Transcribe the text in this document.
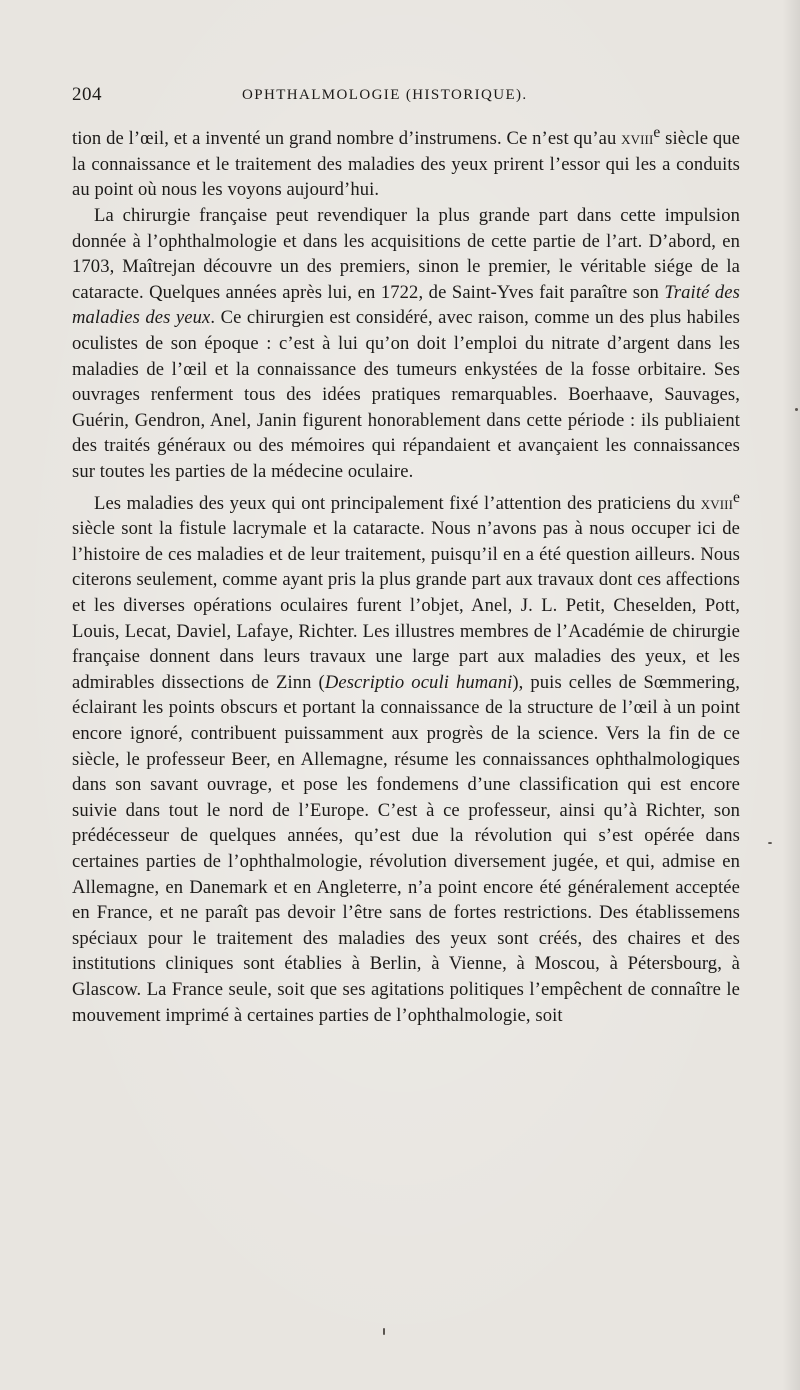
204	OPHTHALMOLOGIE (HISTORIQUE).

tion de l’œil, et a inventé un grand nombre d’instrumens. Ce n’est qu’au xviii$^e$ siècle que la connaissance et le traitement des maladies des yeux prirent l’essor qui les a conduits au point où nous les voyons aujourd’hui.

La chirurgie française peut revendiquer la plus grande part dans cette impulsion donnée à l’ophthalmologie et dans les acquisitions de cette partie de l’art. D’abord, en 1703, Maîtrejan découvre un des premiers, sinon le premier, le véritable siége de la cataracte. Quelques années après lui, en 1722, de Saint-Yves fait paraître son Traité des maladies des yeux. Ce chirurgien est considéré, avec raison, comme un des plus habiles oculistes de son époque : c’est à lui qu’on doit l’emploi du nitrate d’argent dans les maladies de l’œil et la connaissance des tumeurs enkystées de la fosse orbitaire. Ses ouvrages renferment tous des idées pratiques remarquables. Boerhaave, Sauvages, Guérin, Gendron, Anel, Janin figurent honorablement dans cette période : ils publiaient des traités généraux ou des mémoires qui répandaient et avançaient les connaissances sur toutes les parties de la médecine oculaire.

Les maladies des yeux qui ont principalement fixé l’attention des praticiens du xviii$^e$ siècle sont la fistule lacrymale et la cataracte. Nous n’avons pas à nous occuper ici de l’histoire de ces maladies et de leur traitement, puisqu’il en a été question ailleurs. Nous citerons seulement, comme ayant pris la plus grande part aux travaux dont ces affections et les diverses opérations oculaires furent l’objet, Anel, J. L. Petit, Cheselden, Pott, Louis, Lecat, Daviel, Lafaye, Richter. Les illustres membres de l’Académie de chirurgie française donnent dans leurs travaux une large part aux maladies des yeux, et les admirables dissections de Zinn (Descriptio oculi humani), puis celles de Sœmmering, éclairant les points obscurs et portant la connaissance de la structure de l’œil à un point encore ignoré, contribuent puissamment aux progrès de la science. Vers la fin de ce siècle, le professeur Beer, en Allemagne, résume les connaissances ophthalmologiques dans son savant ouvrage, et pose les fondemens d’une classification qui est encore suivie dans tout le nord de l’Europe. C’est à ce professeur, ainsi qu’à Richter, son prédécesseur de quelques années, qu’est due la révolution qui s’est opérée dans certaines parties de l’ophthalmologie, révolution diversement jugée, et qui, admise en Allemagne, en Danemark et en Angleterre, n’a point encore été généralement acceptée en France, et ne paraît pas devoir l’être sans de fortes restrictions. Des établissemens spéciaux pour le traitement des maladies des yeux sont créés, des chaires et des institutions cliniques sont établies à Berlin, à Vienne, à Moscou, à Pétersbourg, à Glascow. La France seule, soit que ses agitations politiques l’empêchent de connaître le mouvement imprimé à certaines parties de l’ophthalmologie, soit
